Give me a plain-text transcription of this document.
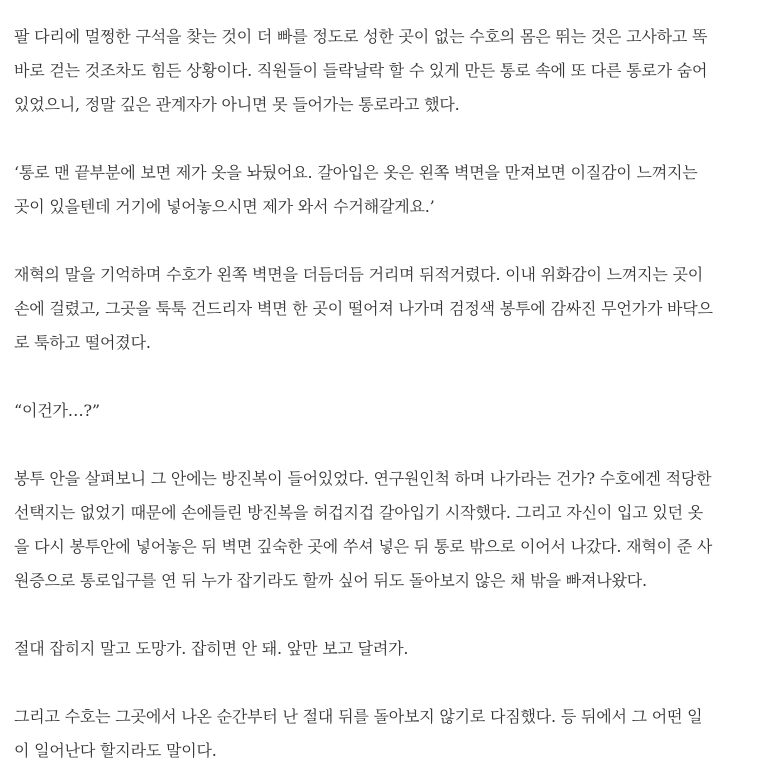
팔 다리에 멀쩡한 구석을 찾는 것이 더 빠를 정도로 성한 곳이 없는 수호의 몸은 뛰는 것은 고사하고 똑
바로 걷는 것조차도 힘든 상황이다. 직원들이 들락날락 할 수 있게 만든 통로 속에 또 다른 통로가 숨어
있었으니, 정말 깊은 관계자가 아니면 못 들어가는 통로라고 했다.

‘통로 맨 끝부분에 보면 제가 옷을 놔뒀어요. 갈아입은 옷은 왼쪽 벽면을 만져보면 이질감이 느껴지는
곳이 있을텐데 거기에 넣어놓으시면 제가 와서 수거해갈게요.’

재혁의 말을 기억하며 수호가 왼쪽 벽면을 더듬더듬 거리며 뒤적거렸다. 이내 위화감이 느껴지는 곳이
손에 걸렸고, 그곳을 툭툭 건드리자 벽면 한 곳이 떨어져 나가며 검정색 봉투에 감싸진 무언가가 바닥으
로 툭하고 떨어졌다.

“이건가…?”

봉투 안을 살펴보니 그 안에는 방진복이 들어있었다. 연구원인척 하며 나가라는 건가? 수호에겐 적당한
선택지는 없었기 때문에 손에들린 방진복을 허겁지겁 갈아입기 시작했다. 그리고 자신이 입고 있던 옷
을 다시 봉투안에 넣어놓은 뒤 벽면 깊숙한 곳에 쑤셔 넣은 뒤 통로 밖으로 이어서 나갔다. 재혁이 준 사
원증으로 통로입구를 연 뒤 누가 잡기라도 할까 싶어 뒤도 돌아보지 않은 채 밖을 빠져나왔다.

절대 잡히지 말고 도망가. 잡히면 안 돼. 앞만 보고 달려가.

그리고 수호는 그곳에서 나온 순간부터 난 절대 뒤를 돌아보지 않기로 다짐했다. 등 뒤에서 그 어떤 일
이 일어난다 할지라도 말이다.
